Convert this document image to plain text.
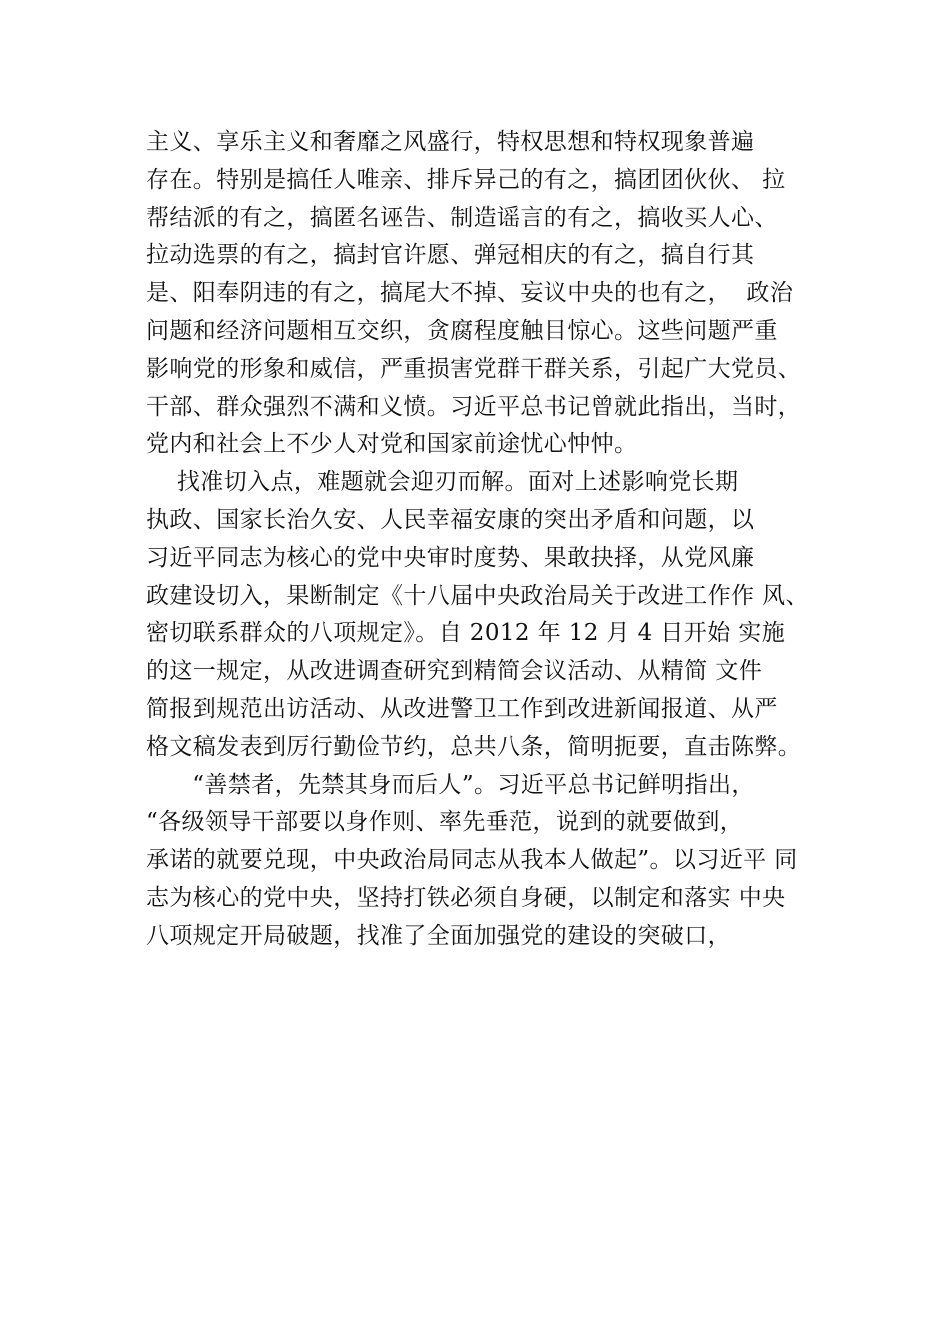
主义、享乐主义和奢靡之风盛行，特权思想和特权现象普遍
存在。特别是搞任人唯亲、排斥异己的有之，搞团团伙伙、 拉
帮结派的有之，搞匿名诬告、制造谣言的有之，搞收买人心、
拉动选票的有之，搞封官许愿、弹冠相庆的有之，搞自行其
是、阳奉阴违的有之，搞尾大不掉、妄议中央的也有之，  政治
问题和经济问题相互交织，贪腐程度触目惊心。这些问题严重
影响党的形象和威信，严重损害党群干群关系，引起广大党员、
干部、群众强烈不满和义愤。习近平总书记曾就此指出，当时，
党内和社会上不少人对党和国家前途忧心忡忡。
找准切入点，难题就会迎刃而解。面对上述影响党长期
执政、国家长治久安、人民幸福安康的突出矛盾和问题，以
习近平同志为核心的党中央审时度势、果敢抉择，从党风廉
政建设切入，果断制定《十八届中央政治局关于改进工作作 风、
密切联系群众的八项规定》。自 2012 年 12 月 4 日开始 实施
的这一规定，从改进调查研究到精简会议活动、从精简 文件
简报到规范出访活动、从改进警卫工作到改进新闻报道、从严
格文稿发表到厉行勤俭节约，总共八条，简明扼要，直击陈弊。
“善禁者，先禁其身而后人”。习近平总书记鲜明指出，
“各级领导干部要以身作则、率先垂范，说到的就要做到，
承诺的就要兑现，中央政治局同志从我本人做起”。以习近平 同
志为核心的党中央，坚持打铁必须自身硬，以制定和落实 中央
八项规定开局破题，找准了全面加强党的建设的突破口，
